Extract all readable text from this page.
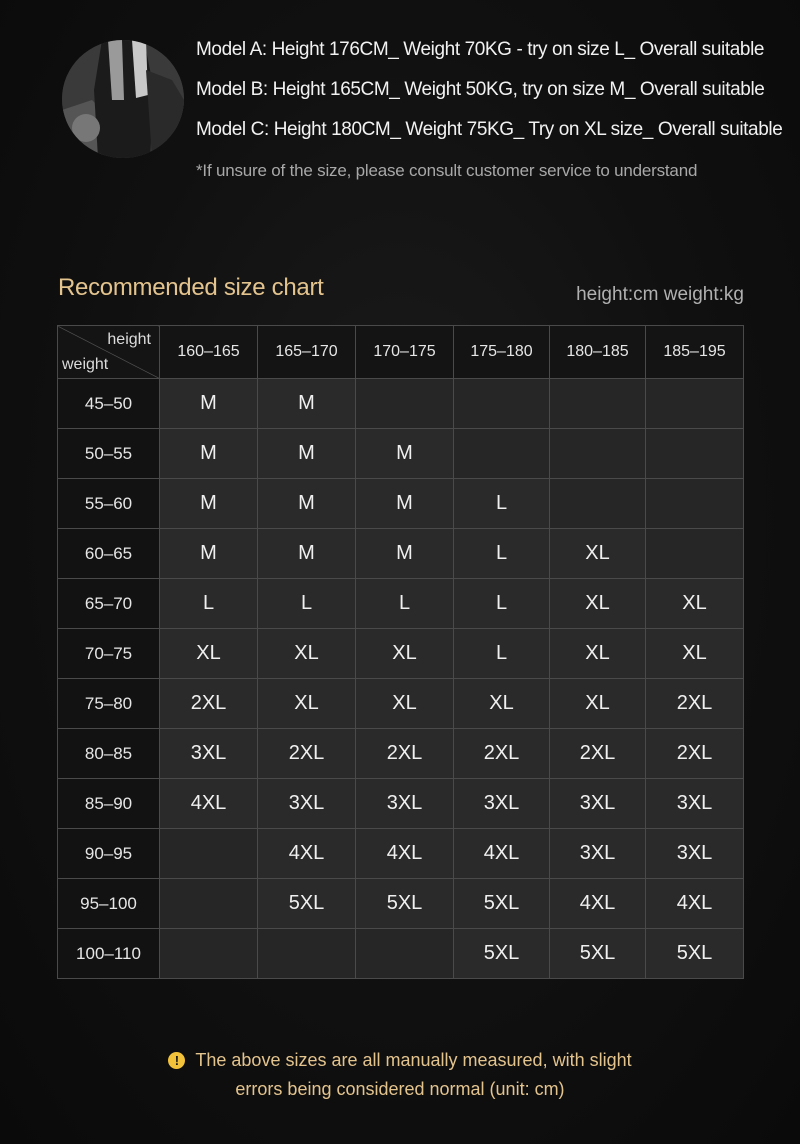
Model A: Height 176CM_ Weight 70KG - try on size L_ Overall suitable
Model B: Height 165CM_ Weight 50KG, try on size M_ Overall suitable
Model C: Height 180CM_ Weight 75KG_ Try on XL size_ Overall suitable
*If unsure of the size, please consult customer service to understand
Recommended size chart	height:cm weight:kg
height
weight	160–165	165–170	170–175	175–180	180–185	185–195
45–50	M	M				
50–55	M	M	M			
55–60	M	M	M	L		
60–65	M	M	M	L	XL	
65–70	L	L	L	L	XL	XL
70–75	XL	XL	XL	L	XL	XL
75–80	2XL	XL	XL	XL	XL	2XL
80–85	3XL	2XL	2XL	2XL	2XL	2XL
85–90	4XL	3XL	3XL	3XL	3XL	3XL
90–95		4XL	4XL	4XL	3XL	3XL
95–100		5XL	5XL	5XL	4XL	4XL
100–110				5XL	5XL	5XL
! The above sizes are all manually measured, with slight
errors being considered normal (unit: cm)
